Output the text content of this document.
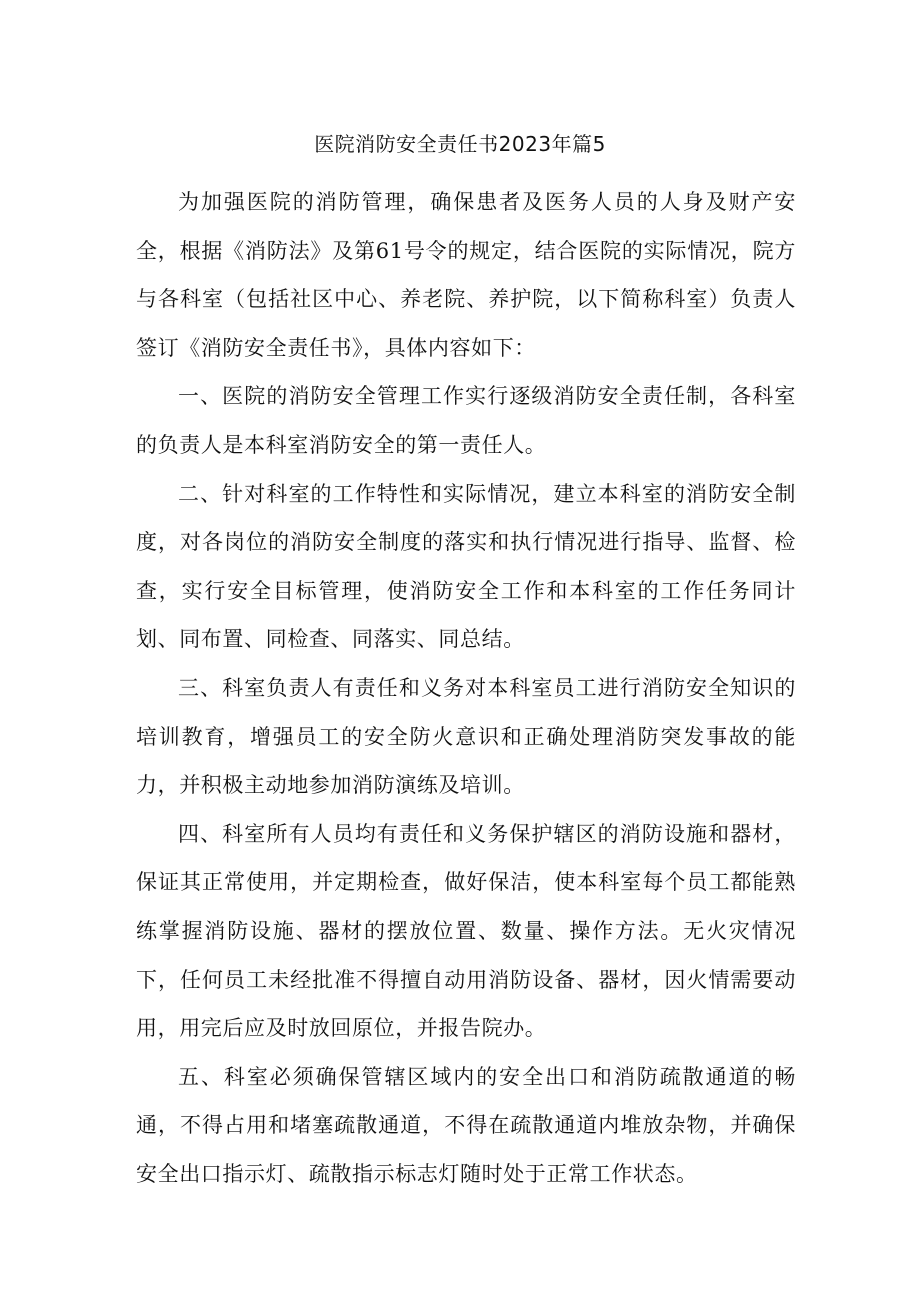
医院消防安全责任书2023年篇5

为加强医院的消防管理，确保患者及医务人员的人身及财产安全，根据《消防法》及第61号令的规定，结合医院的实际情况，院方与各科室（包括社区中心、养老院、养护院，以下简称科室）负责人签订《消防安全责任书》，具体内容如下：

一、医院的消防安全管理工作实行逐级消防安全责任制，各科室的负责人是本科室消防安全的第一责任人。

二、针对科室的工作特性和实际情况，建立本科室的消防安全制度，对各岗位的消防安全制度的落实和执行情况进行指导、监督、检查，实行安全目标管理，使消防安全工作和本科室的工作任务同计划、同布置、同检查、同落实、同总结。

三、科室负责人有责任和义务对本科室员工进行消防安全知识的培训教育，增强员工的安全防火意识和正确处理消防突发事故的能力，并积极主动地参加消防演练及培训。

四、科室所有人员均有责任和义务保护辖区的消防设施和器材，保证其正常使用，并定期检查，做好保洁，使本科室每个员工都能熟练掌握消防设施、器材的摆放位置、数量、操作方法。无火灾情况下，任何员工未经批准不得擅自动用消防设备、器材，因火情需要动用，用完后应及时放回原位，并报告院办。

五、科室必须确保管辖区域内的安全出口和消防疏散通道的畅通，不得占用和堵塞疏散通道，不得在疏散通道内堆放杂物，并确保安全出口指示灯、疏散指示标志灯随时处于正常工作状态。
